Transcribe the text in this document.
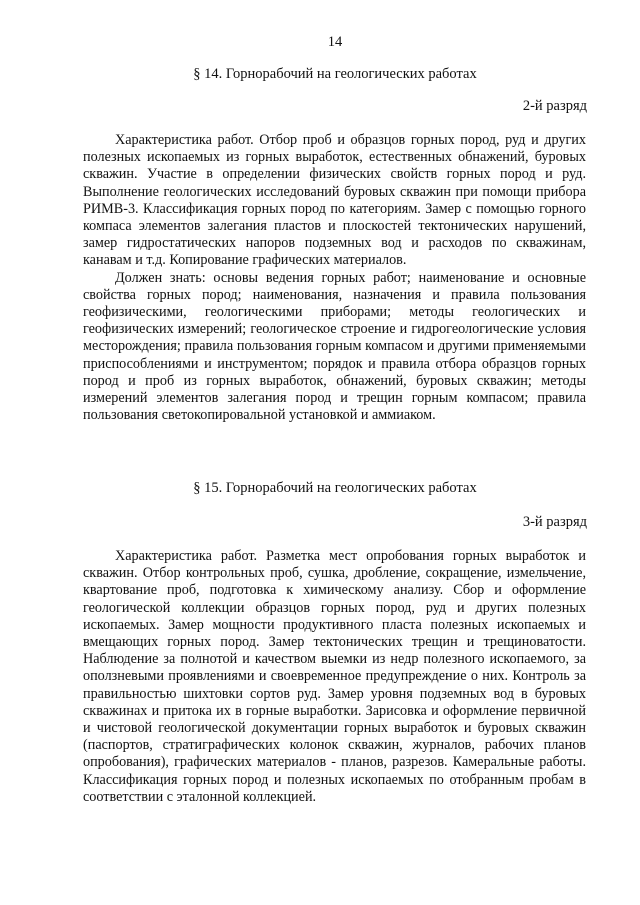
14
§ 14. Горнорабочий на геологических работах
2-й разряд

Характеристика работ. Отбор проб и образцов горных пород, руд и других полезных ископаемых из горных выработок, естественных обнажений, буровых скважин. Участие в определении физических свойств горных пород и руд. Выполнение геологических исследований буровых скважин при помощи прибора РИМВ-3. Классификация горных пород по категориям. Замер с помощью горного компаса элементов залегания пластов и плоскостей тектонических нарушений, замер гидростатических напоров подземных вод и расходов по скважинам, канавам и т.д. Копирование графических материалов.

Должен знать: основы ведения горных работ; наименование и основные свойства горных пород; наименования, назначения и правила пользования геофизическими, геологическими приборами; методы геологических и геофизических измерений; геологическое строение и гидрогеологические условия месторождения; правила пользования горным компасом и другими применяемыми приспособлениями и инструментом; порядок и правила отбора образцов горных пород и проб из горных выработок, обнажений, буровых скважин; методы измерений элементов залегания пород и трещин горным компасом; правила пользования светокопировальной установкой и аммиаком.

§ 15. Горнорабочий на геологических работах
3-й разряд

Характеристика работ. Разметка мест опробования горных выработок и скважин. Отбор контрольных проб, сушка, дробление, сокращение, измельчение, квартование проб, подготовка к химическому анализу. Сбор и оформление геологической коллекции образцов горных пород, руд и других полезных ископаемых. Замер мощности продуктивного пласта полезных ископаемых и вмещающих горных пород. Замер тектонических трещин и трещиноватости. Наблюдение за полнотой и качеством выемки из недр полезного ископаемого, за оползневыми проявлениями и своевременное предупреждение о них. Контроль за правильностью шихтовки сортов руд. Замер уровня подземных вод в буровых скважинах и притока их в горные выработки. Зарисовка и оформление первичной и чистовой геологической документации горных выработок и буровых скважин (паспортов, стратиграфических колонок скважин, журналов, рабочих планов опробования), графических материалов - планов, разрезов. Камеральные работы. Классификация горных пород и полезных ископаемых по отобранным пробам в соответствии с эталонной коллекцией.
